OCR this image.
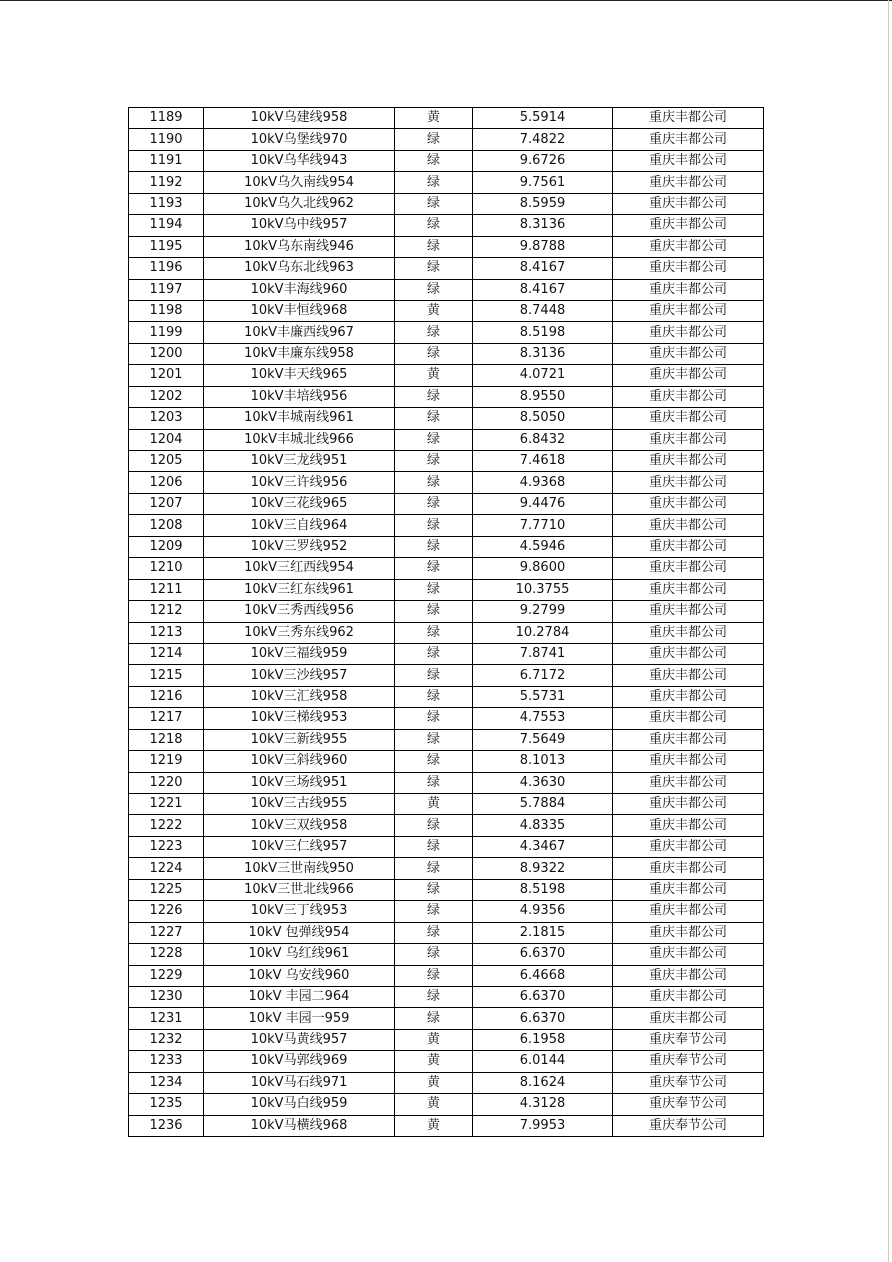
1189	10kV乌建线958	黄	5.5914	重庆丰都公司
1190	10kV乌堡线970	绿	7.4822	重庆丰都公司
1191	10kV乌华线943	绿	9.6726	重庆丰都公司
1192	10kV乌久南线954	绿	9.7561	重庆丰都公司
1193	10kV乌久北线962	绿	8.5959	重庆丰都公司
1194	10kV乌中线957	绿	8.3136	重庆丰都公司
1195	10kV乌东南线946	绿	9.8788	重庆丰都公司
1196	10kV乌东北线963	绿	8.4167	重庆丰都公司
1197	10kV丰海线960	绿	8.4167	重庆丰都公司
1198	10kV丰恒线968	黄	8.7448	重庆丰都公司
1199	10kV丰廉西线967	绿	8.5198	重庆丰都公司
1200	10kV丰廉东线958	绿	8.3136	重庆丰都公司
1201	10kV丰天线965	黄	4.0721	重庆丰都公司
1202	10kV丰培线956	绿	8.9550	重庆丰都公司
1203	10kV丰城南线961	绿	8.5050	重庆丰都公司
1204	10kV丰城北线966	绿	6.8432	重庆丰都公司
1205	10kV三龙线951	绿	7.4618	重庆丰都公司
1206	10kV三许线956	绿	4.9368	重庆丰都公司
1207	10kV三花线965	绿	9.4476	重庆丰都公司
1208	10kV三自线964	绿	7.7710	重庆丰都公司
1209	10kV三罗线952	绿	4.5946	重庆丰都公司
1210	10kV三红西线954	绿	9.8600	重庆丰都公司
1211	10kV三红东线961	绿	10.3755	重庆丰都公司
1212	10kV三秀西线956	绿	9.2799	重庆丰都公司
1213	10kV三秀东线962	绿	10.2784	重庆丰都公司
1214	10kV三福线959	绿	7.8741	重庆丰都公司
1215	10kV三沙线957	绿	6.7172	重庆丰都公司
1216	10kV三汇线958	绿	5.5731	重庆丰都公司
1217	10kV三梯线953	绿	4.7553	重庆丰都公司
1218	10kV三新线955	绿	7.5649	重庆丰都公司
1219	10kV三斜线960	绿	8.1013	重庆丰都公司
1220	10kV三场线951	绿	4.3630	重庆丰都公司
1221	10kV三古线955	黄	5.7884	重庆丰都公司
1222	10kV三双线958	绿	4.8335	重庆丰都公司
1223	10kV三仁线957	绿	4.3467	重庆丰都公司
1224	10kV三世南线950	绿	8.9322	重庆丰都公司
1225	10kV三世北线966	绿	8.5198	重庆丰都公司
1226	10kV三丁线953	绿	4.9356	重庆丰都公司
1227	10kV 包弹线954	绿	2.1815	重庆丰都公司
1228	10kV 乌红线961	绿	6.6370	重庆丰都公司
1229	10kV 乌安线960	绿	6.4668	重庆丰都公司
1230	10kV 丰园二964	绿	6.6370	重庆丰都公司
1231	10kV 丰园一959	绿	6.6370	重庆丰都公司
1232	10kV马黄线957	黄	6.1958	重庆奉节公司
1233	10kV马郭线969	黄	6.0144	重庆奉节公司
1234	10kV马石线971	黄	8.1624	重庆奉节公司
1235	10kV马白线959	黄	4.3128	重庆奉节公司
1236	10kV马横线968	黄	7.9953	重庆奉节公司
